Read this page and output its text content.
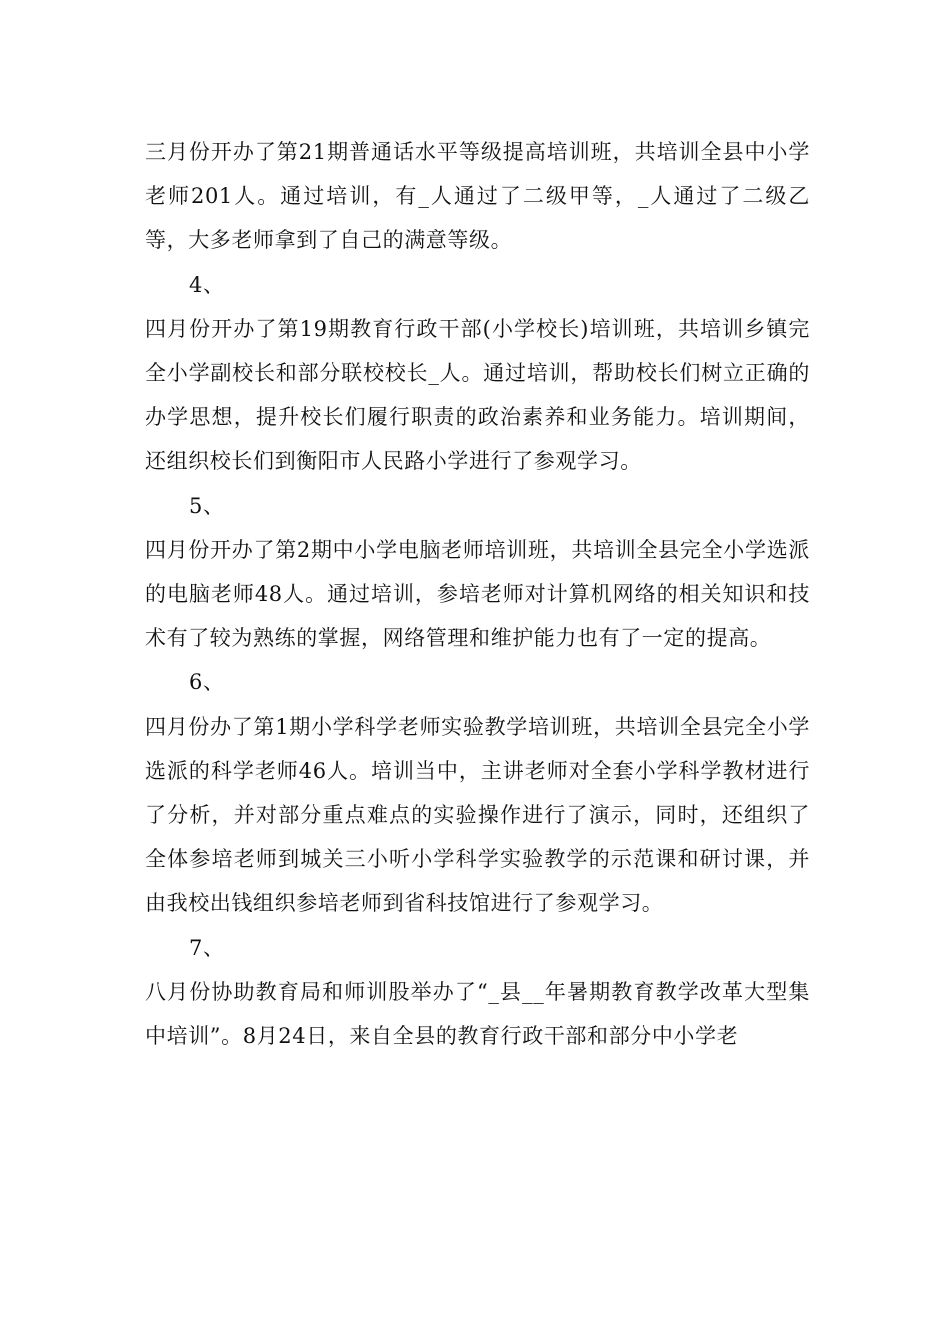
三月份开办了第21期普通话水平等级提高培训班，共培训全县中小学老师201人。通过培训，有_人通过了二级甲等，_人通过了二级乙等，大多老师拿到了自己的满意等级。

4、

四月份开办了第19期教育行政干部(小学校长)培训班，共培训乡镇完全小学副校长和部分联校校长_人。通过培训，帮助校长们树立正确的办学思想，提升校长们履行职责的政治素养和业务能力。培训期间，还组织校长们到衡阳市人民路小学进行了参观学习。

5、

四月份开办了第2期中小学电脑老师培训班，共培训全县完全小学选派的电脑老师48人。通过培训，参培老师对计算机网络的相关知识和技术有了较为熟练的掌握，网络管理和维护能力也有了一定的提高。

6、

四月份办了第1期小学科学老师实验教学培训班，共培训全县完全小学选派的科学老师46人。培训当中，主讲老师对全套小学科学教材进行了分析，并对部分重点难点的实验操作进行了演示，同时，还组织了全体参培老师到城关三小听小学科学实验教学的示范课和研讨课，并由我校出钱组织参培老师到省科技馆进行了参观学习。

7、

八月份协助教育局和师训股举办了“_县__年暑期教育教学改革大型集中培训”。8月24日，来自全县的教育行政干部和部分中小学老
